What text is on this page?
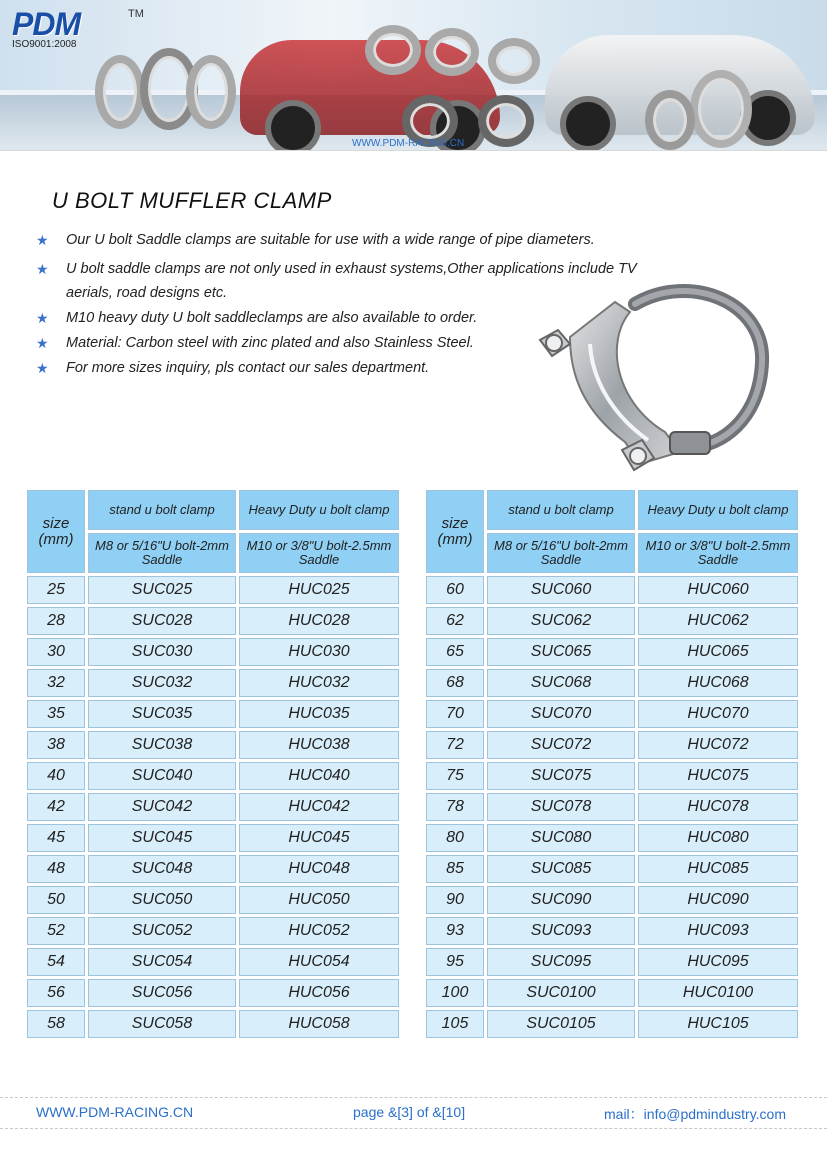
PDM	TM
ISO9001:2008
WWW.PDM-RACING.CN
U BOLT MUFFLER CLAMP
★ Our U bolt Saddle clamps are suitable for use with a wide range of pipe diameters.
★ U bolt saddle clamps are not only used in exhaust systems,Other applications include TV aerials, road designs etc.
★ M10 heavy duty U bolt saddleclamps are also available to order.
★ Material: Carbon steel with zinc plated and also Stainless Steel.
★ For more sizes inquiry, pls contact our sales department.
size
(mm)	stand u bolt clamp	Heavy Duty u bolt clamp
	M8 or 5/16"U bolt-2mm Saddle	M10 or 3/8"U bolt-2.5mm Saddle
25	SUC025	HUC025
28	SUC028	HUC028
30	SUC030	HUC030
32	SUC032	HUC032
35	SUC035	HUC035
38	SUC038	HUC038
40	SUC040	HUC040
42	SUC042	HUC042
45	SUC045	HUC045
48	SUC048	HUC048
50	SUC050	HUC050
52	SUC052	HUC052
54	SUC054	HUC054
56	SUC056	HUC056
58	SUC058	HUC058
size
(mm)	stand u bolt clamp	Heavy Duty u bolt clamp
	M8 or 5/16"U bolt-2mm Saddle	M10 or 3/8"U bolt-2.5mm Saddle
60	SUC060	HUC060
62	SUC062	HUC062
65	SUC065	HUC065
68	SUC068	HUC068
70	SUC070	HUC070
72	SUC072	HUC072
75	SUC075	HUC075
78	SUC078	HUC078
80	SUC080	HUC080
85	SUC085	HUC085
90	SUC090	HUC090
93	SUC093	HUC093
95	SUC095	HUC095
100	SUC0100	HUC0100
105	SUC0105	HUC105
WWW.PDM-RACING.CN	page &[3] of &[10]	mail：info@pdmindustry.com
